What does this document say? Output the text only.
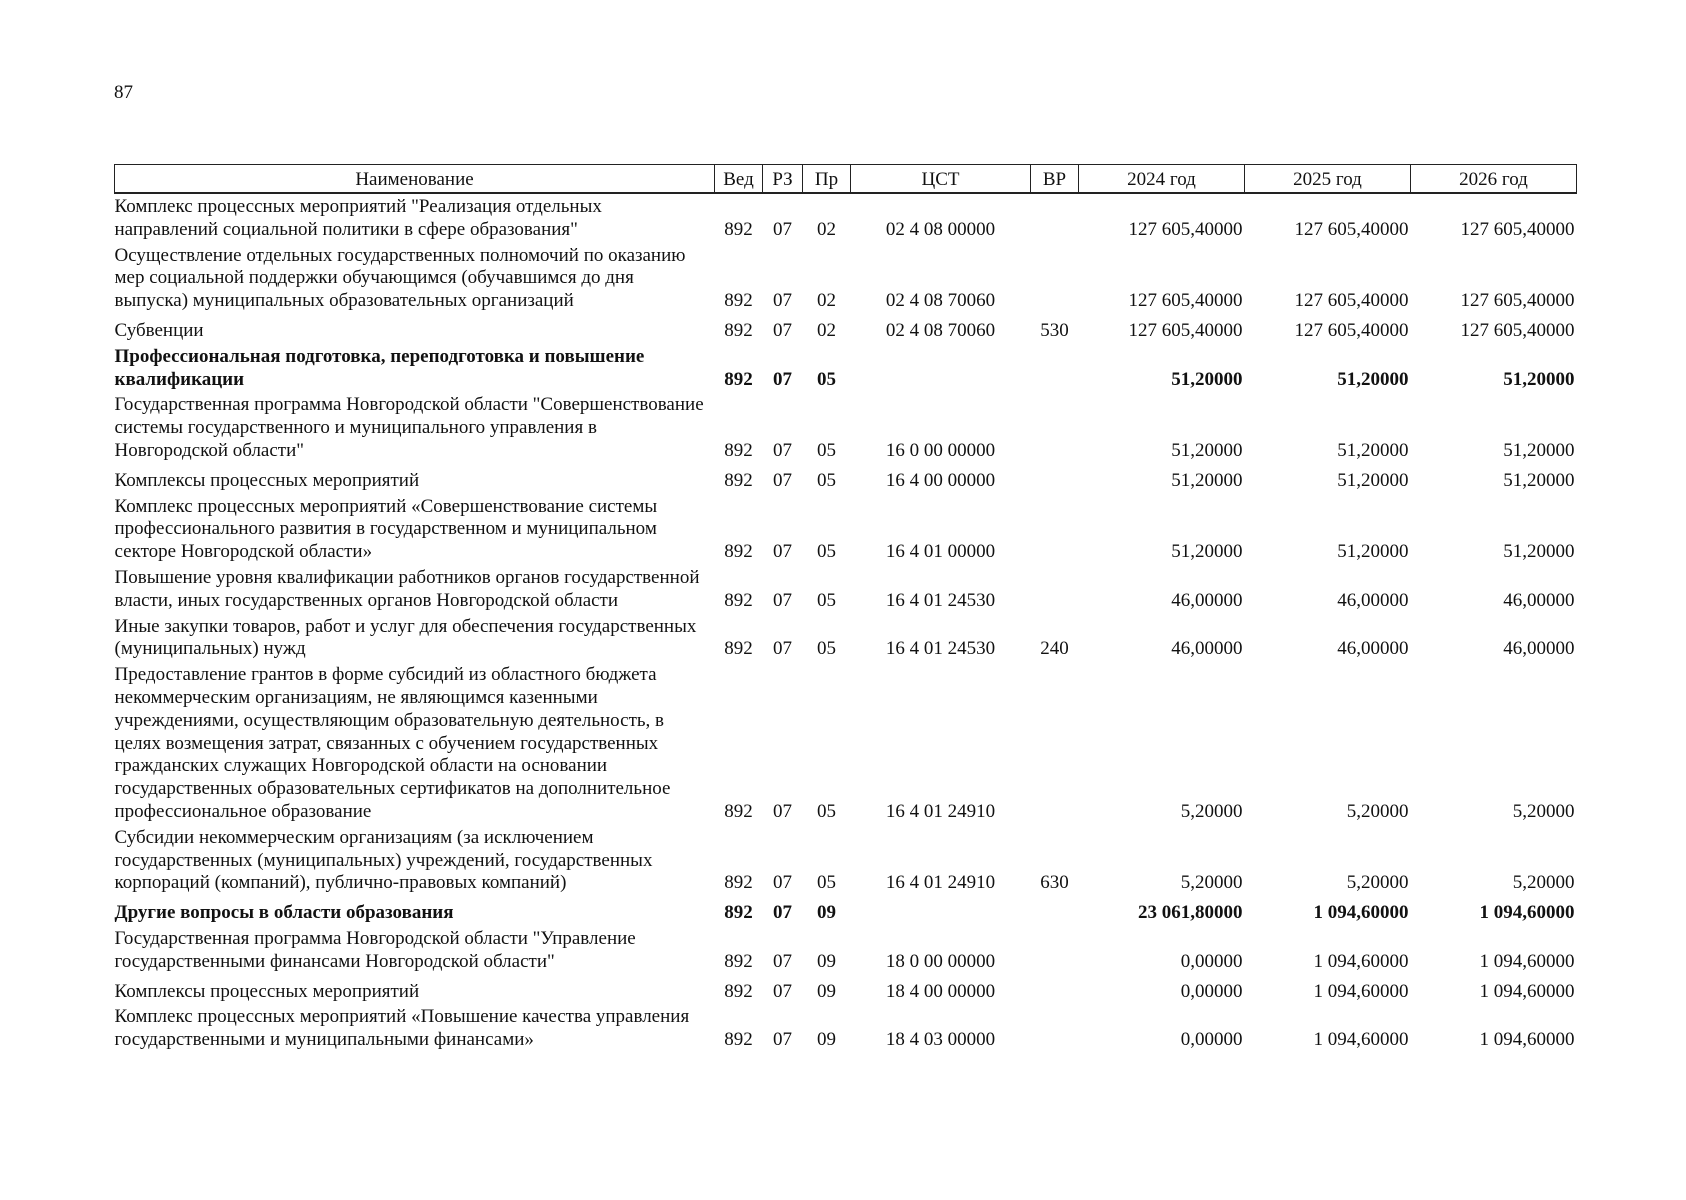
87
Наименование	Вед	РЗ	Пр	ЦСТ	ВР	2024 год	2025 год	2026 год
Комплекс процессных мероприятий "Реализация отдельных направлений социальной политики в сфере образования"	892	07	02	02 4 08 00000		127 605,40000	127 605,40000	127 605,40000
Осуществление отдельных государственных полномочий по оказанию мер социальной поддержки обучающимся (обучавшимся до дня выпуска) муниципальных образовательных организаций	892	07	02	02 4 08 70060		127 605,40000	127 605,40000	127 605,40000
Субвенции	892	07	02	02 4 08 70060	530	127 605,40000	127 605,40000	127 605,40000
Профессиональная подготовка, переподготовка и повышение квалификации	892	07	05			51,20000	51,20000	51,20000
Государственная программа Новгородской области "Совершенствование системы государственного и муниципального управления в Новгородской области"	892	07	05	16 0 00 00000		51,20000	51,20000	51,20000
Комплексы процессных мероприятий	892	07	05	16 4 00 00000		51,20000	51,20000	51,20000
Комплекс процессных мероприятий «Совершенствование системы профессионального развития в государственном и муниципальном секторе Новгородской области»	892	07	05	16 4 01 00000		51,20000	51,20000	51,20000
Повышение уровня квалификации работников органов государственной власти, иных государственных органов Новгородской области	892	07	05	16 4 01 24530		46,00000	46,00000	46,00000
Иные закупки товаров, работ и услуг для обеспечения государственных (муниципальных) нужд	892	07	05	16 4 01 24530	240	46,00000	46,00000	46,00000
Предоставление грантов в форме субсидий из областного бюджета некоммерческим организациям, не являющимся казенными учреждениями, осуществляющим образовательную деятельность, в целях возмещения затрат, связанных с обучением государственных гражданских служащих Новгородской области на основании государственных образовательных сертификатов на дополнительное профессиональное образование	892	07	05	16 4 01 24910		5,20000	5,20000	5,20000
Субсидии некоммерческим организациям (за исключением государственных (муниципальных) учреждений, государственных корпораций (компаний), публично-правовых компаний)	892	07	05	16 4 01 24910	630	5,20000	5,20000	5,20000
Другие вопросы в области образования	892	07	09			23 061,80000	1 094,60000	1 094,60000
Государственная программа Новгородской области "Управление государственными финансами Новгородской области"	892	07	09	18 0 00 00000		0,00000	1 094,60000	1 094,60000
Комплексы процессных мероприятий	892	07	09	18 4 00 00000		0,00000	1 094,60000	1 094,60000
Комплекс процессных мероприятий «Повышение качества управления государственными и муниципальными финансами»	892	07	09	18 4 03 00000		0,00000	1 094,60000	1 094,60000
